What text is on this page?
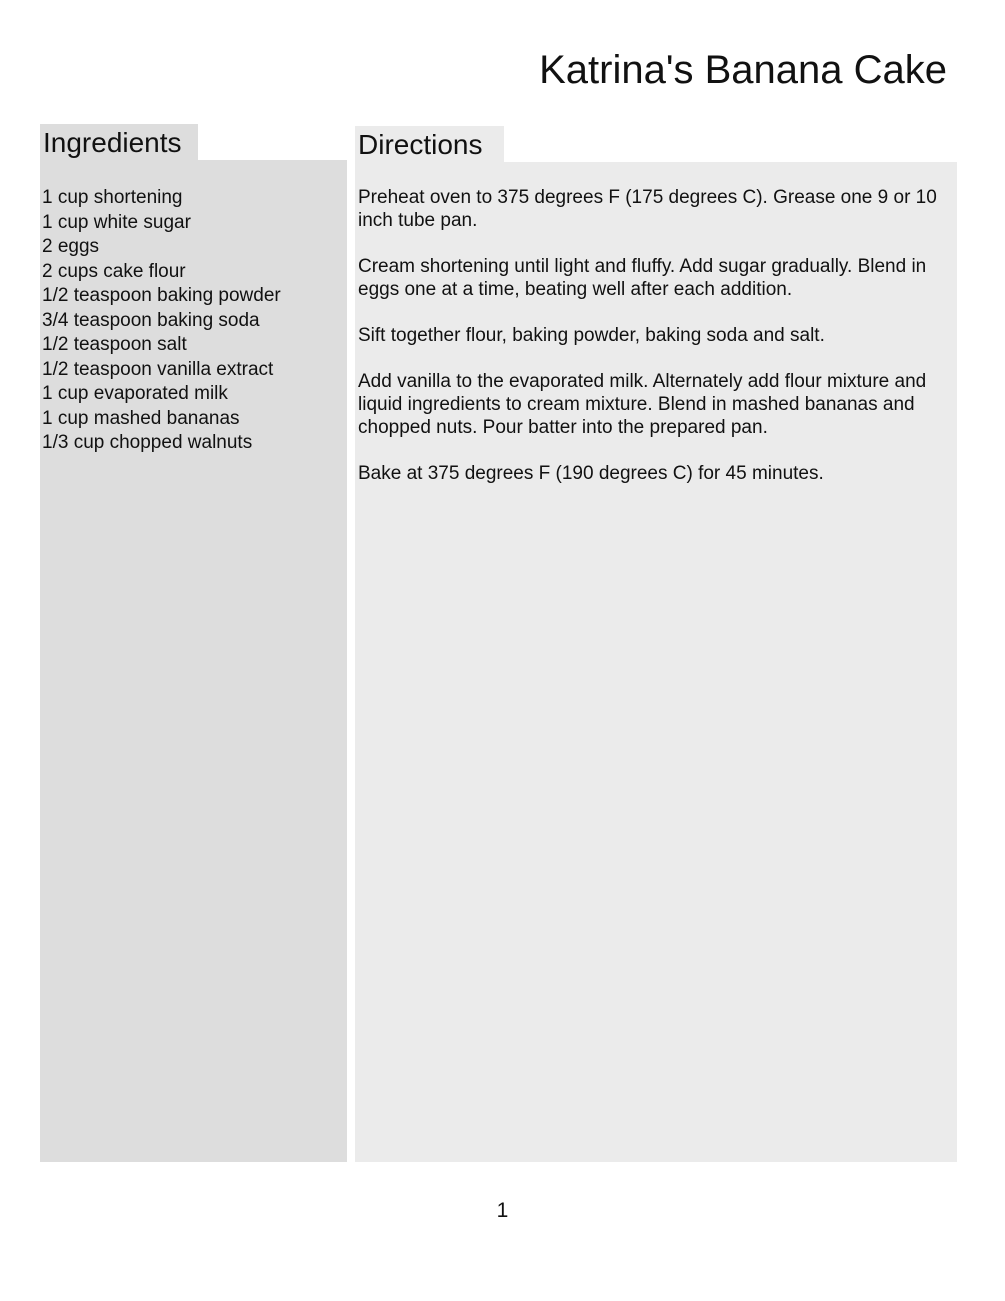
Katrina's Banana Cake
Ingredients
1 cup shortening
1 cup white sugar
2 eggs
2 cups cake flour
1/2 teaspoon baking powder
3/4 teaspoon baking soda
1/2 teaspoon salt
1/2 teaspoon vanilla extract
1 cup evaporated milk
1 cup mashed bananas
1/3 cup chopped walnuts
Directions

Preheat oven to 375 degrees F (175 degrees C). Grease one 9 or 10 inch tube pan.

Cream shortening until light and fluffy. Add sugar gradually. Blend in eggs one at a time, beating well after each addition.

Sift together flour, baking powder, baking soda and salt.

Add vanilla to the evaporated milk. Alternately add flour mixture and liquid ingredients to cream mixture. Blend in mashed bananas and chopped nuts. Pour batter into the prepared pan.

Bake at 375 degrees F (190 degrees C) for 45 minutes.

1
